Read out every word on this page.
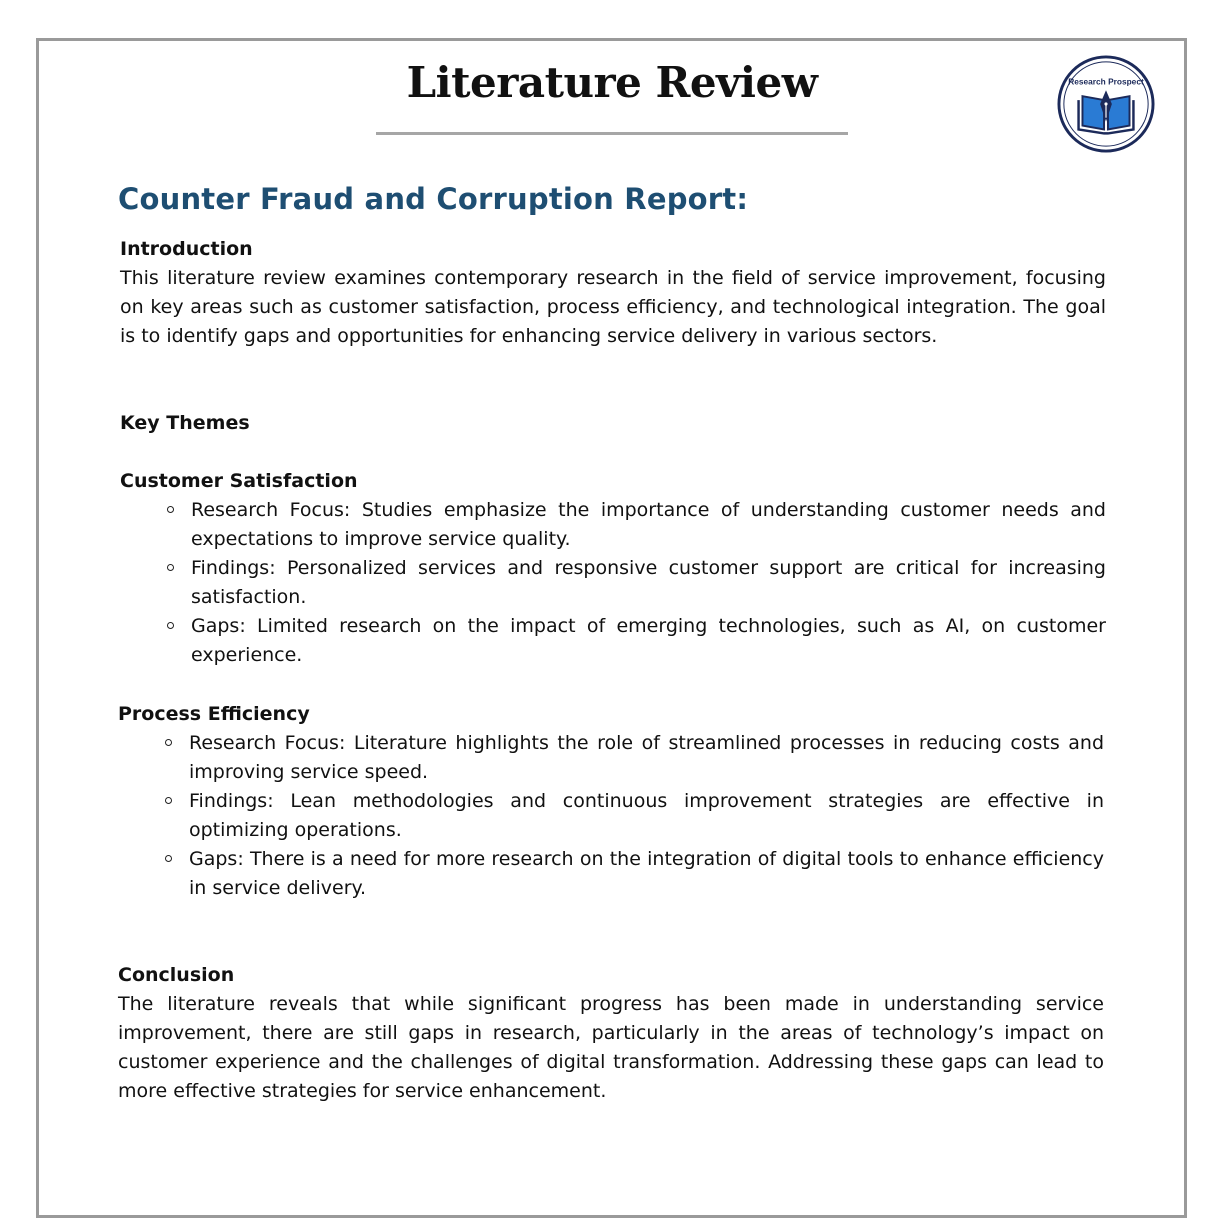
Literature Review	Research Prospect
Counter Fraud and Corruption Report:
Introduction

This literature review examines contemporary research in the field of service improvement, focusing on key areas such as customer satisfaction, process efficiency, and technological integration. The goal is to identify gaps and opportunities for enhancing service delivery in various sectors.

Key Themes
Customer Satisfaction
Research Focus: Studies emphasize the importance of understanding customer needs and expectations to improve service quality.
Findings: Personalized services and responsive customer support are critical for increasing satisfaction.
Gaps: Limited research on the impact of emerging technologies, such as AI, on customer experience.
Process Efficiency
Research Focus: Literature highlights the role of streamlined processes in reducing costs and improving service speed.
Findings: Lean methodologies and continuous improvement strategies are effective in optimizing operations.
Gaps: There is a need for more research on the integration of digital tools to enhance efficiency in service delivery.
Conclusion

The literature reveals that while significant progress has been made in understanding service improvement, there are still gaps in research, particularly in the areas of technology’s impact on customer experience and the challenges of digital transformation. Addressing these gaps can lead to more effective strategies for service enhancement.
